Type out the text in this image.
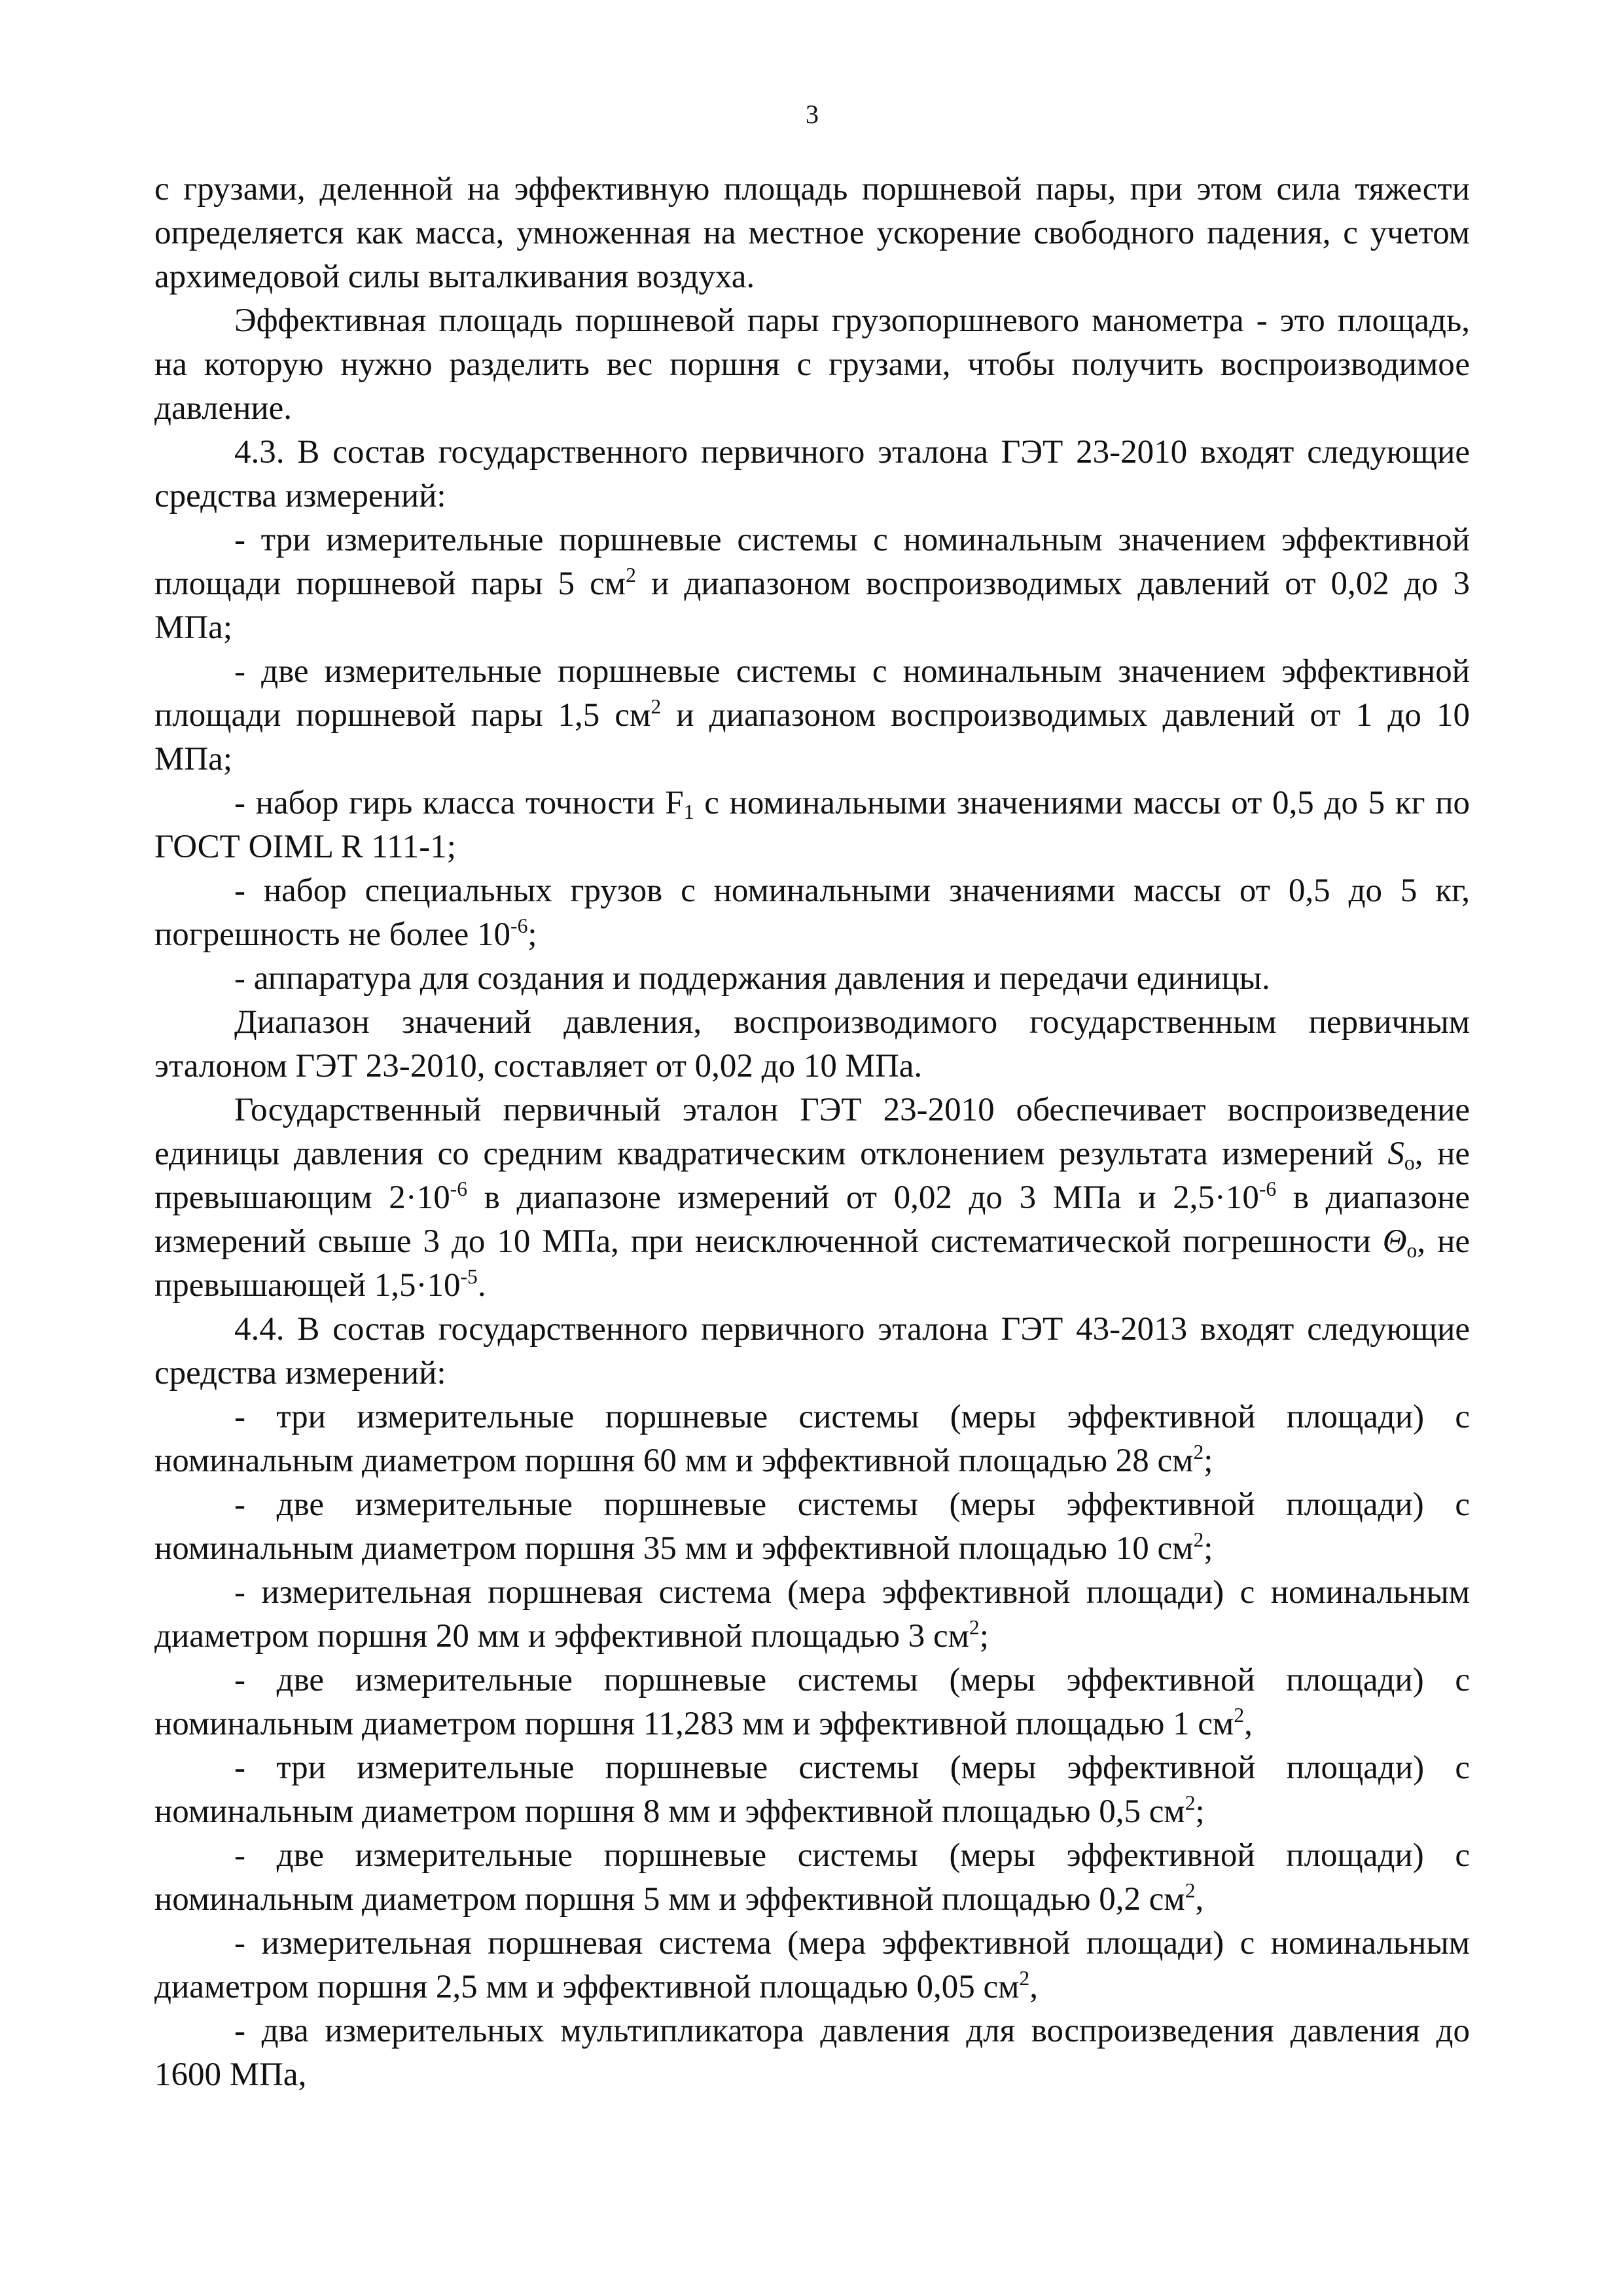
3

с грузами, деленной на эффективную площадь поршневой пары, при этом сила тяжести определяется как масса, умноженная на местное ускорение свободного падения, с учетом архимедовой силы выталкивания воздуха.

Эффективная площадь поршневой пары грузопоршневого манометра - это площадь, на которую нужно разделить вес поршня с грузами, чтобы получить воспроизводимое давление.

4.3. В состав государственного первичного эталона ГЭТ 23-2010 входят следующие средства измерений:

- три измерительные поршневые системы с номинальным значением эффективной площади поршневой пары 5 $см^2$ и диапазоном воспроизводимых давлений от 0,02 до 3 МПа;

- две измерительные поршневые системы с номинальным значением эффективной площади поршневой пары 1,5 $см^2$ и диапазоном воспроизводимых давлений от 1 до 10 МПа;

- набор гирь класса точности $F_1$ с номинальными значениями массы от 0,5 до 5 кг по ГОСТ OIML R 111-1;

- набор специальных грузов с номинальными значениями массы от 0,5 до 5 кг, погрешность не более $10^{-6}$;

- аппаратура для создания и поддержания давления и передачи единицы.

Диапазон значений давления, воспроизводимого государственным первичным эталоном ГЭТ 23-2010, составляет от 0,02 до 10 МПа.

Государственный первичный эталон ГЭТ 23-2010 обеспечивает воспроизведение единицы давления со средним квадратическим отклонением результата измерений $S_о$, не превышающим $2\cdot 10^{-6}$ в диапазоне измерений от 0,02 до 3 МПа и $2,5\cdot 10^{-6}$ в диапазоне измерений свыше 3 до 10 МПа, при неисключенной систематической погрешности $\Theta_о$, не превышающей $1,5\cdot 10^{-5}$.

4.4. В состав государственного первичного эталона ГЭТ 43-2013 входят следующие средства измерений:

- три измерительные поршневые системы (меры эффективной площади) с номинальным диаметром поршня 60 мм и эффективной площадью 28 $см^2$;

- две измерительные поршневые системы (меры эффективной площади) с номинальным диаметром поршня 35 мм и эффективной площадью 10 $см^2$;

- измерительная поршневая система (мера эффективной площади) с номинальным диаметром поршня 20 мм и эффективной площадью 3 $см^2$;

- две измерительные поршневые системы (меры эффективной площади) с номинальным диаметром поршня 11,283 мм и эффективной площадью 1 $см^2$,

- три измерительные поршневые системы (меры эффективной площади) с номинальным диаметром поршня 8 мм и эффективной площадью 0,5 $см^2$;

- две измерительные поршневые системы (меры эффективной площади) с номинальным диаметром поршня 5 мм и эффективной площадью 0,2 $см^2$,

- измерительная поршневая система (мера эффективной площади) с номинальным диаметром поршня 2,5 мм и эффективной площадью 0,05 $см^2$,

- два измерительных мультипликатора давления для воспроизведения давления до 1600 МПа,
